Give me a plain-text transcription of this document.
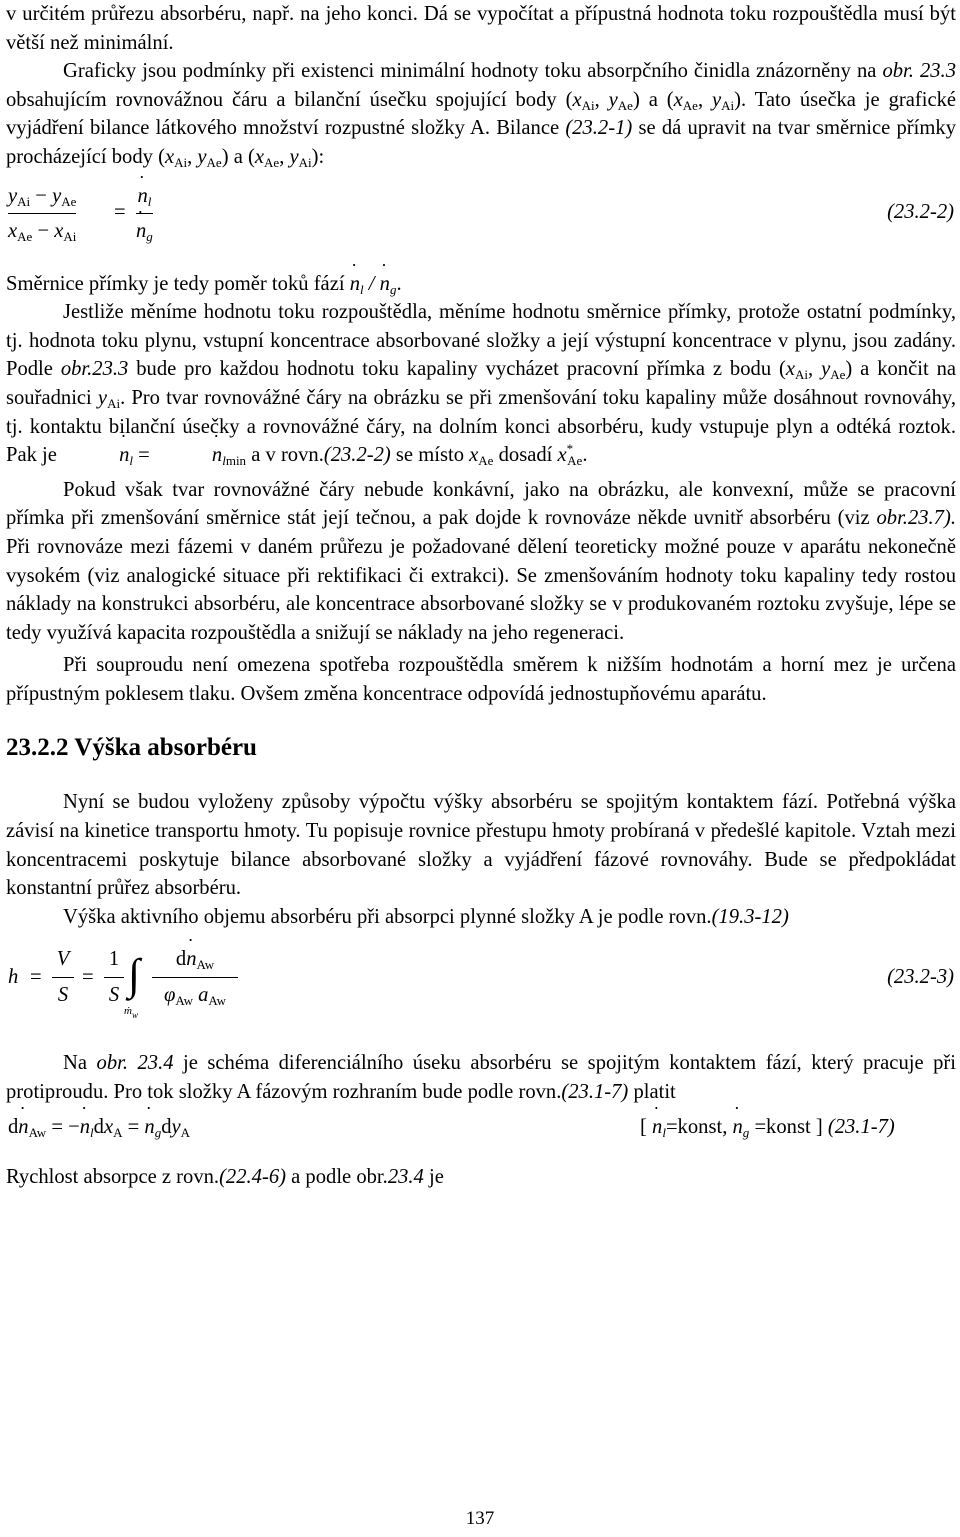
v určitém průřezu absorbéru, např. na jeho konci. Dá se vypočítat a přípustná hodnota toku rozpouštědla musí být větší než minimální.

Graficky jsou podmínky při existenci minimální hodnoty toku absorpčního činidla znázorněny na obr. 23.3 obsahujícím rovnovážnou čáru a bilanční úsečku spojující body ($x_{Ai}$, $y_{Ae}$) a ($x_{Ae}$, $y_{Ai}$). Tato úsečka je grafické vyjádření bilance látkového množství rozpustné složky A. Bilance (23.2-1) se dá upravit na tvar směrnice přímky procházející body ($x_{Ai}$, $y_{Ae}$) a ($x_{Ae}$, $y_{Ai}$):

$y_{Ai} - y_{Ae}$
$x_{Ae} - x_{Ai}$
=
˙ $n_l$
˙ $n_g$
(23.2-2)

Směrnice přímky je tedy poměr toků fází ˙ $n_l$ / ˙ $n_g$.

Jestliže měníme hodnotu toku rozpouštědla, měníme hodnotu směrnice přímky, protože ostatní podmínky, tj. hodnota toku plynu, vstupní koncentrace absorbované složky a její výstupní koncentrace v plynu, jsou zadány. Podle obr.23.3 bude pro každou hodnotu toku kapaliny vycházet pracovní přímka z bodu ($x_{Ai}$, $y_{Ae}$) a končit na souřadnici $y_{Ai}$. Pro tvar rovnovážné čáry na obrázku se při zmenšování toku kapaliny může dosáhnout rovnováhy, tj. kontaktu bilanční úsečky a rovnovážné čáry, na dolním konci absorbéru, kudy vstupuje plyn a odtéká roztok. Pak je	˙ $n_l$ =	˙ $n_{lmin}$ a v rovn.(23.2-2) se místo $x_{Ae}$ dosadí $x^*_{Ae}$.

Pokud však tvar rovnovážné čáry nebude konkávní, jako na obrázku, ale konvexní, může se pracovní přímka při zmenšování směrnice stát její tečnou, a pak dojde k rovnováze někde uvnitř absorbéru (viz obr.23.7). Při rovnováze mezi fázemi v daném průřezu je požadované dělení teoreticky možné pouze v aparátu nekonečně vysokém (viz analogické situace při rektifikaci či extrakci). Se zmenšováním hodnoty toku kapaliny tedy rostou náklady na konstrukci absorbéru, ale koncentrace absorbované složky se v produkovaném roztoku zvyšuje, lépe se tedy využívá kapacita rozpouštědla a snižují se náklady na jeho regeneraci.

Při souproudu není omezena spotřeba rozpouštědla směrem k nižším hodnotám a horní mez je určena přípustným poklesem tlaku. Ovšem změna koncentrace odpovídá jednostupňovému aparátu.

23.2.2 Výška absorbéru

Nyní se budou vyloženy způsoby výpočtu výšky absorbéru se spojitým kontaktem fází. Potřebná výška závisí na kinetice transportu hmoty. Tu popisuje rovnice přestupu hmoty probíraná v předešlé kapitole. Vztah mezi koncentracemi poskytuje bilance absorbované složky a vyjádření fázové rovnováhy. Bude se předpokládat konstantní průřez absorbéru.

Výška aktivního objemu absorbéru při absorpci plynné složky A je podle rovn.(19.3-12)

h =
V
S
=
1
S ∫
ṁ$_w$
d˙ $n_{Aw}$
$\varphi_{Aw}$ $a_{Aw}$
(23.2-3)

Na obr. 23.4 je schéma diferenciálního úseku absorbéru se spojitým kontaktem fází, který pracuje při protiproudu. Pro tok složky A fázovým rozhraním bude podle rovn.(23.1-7) platit

d˙ $n_{Aw}$ = −˙ $n_ldx_A$ = ˙ $n_gdy_A$	[ ˙ $n_l=konst$, ˙ $n_g$ =konst ] (23.1-7)

Rychlost absorpce z rovn.(22.4-6) a podle obr.23.4 je

137
